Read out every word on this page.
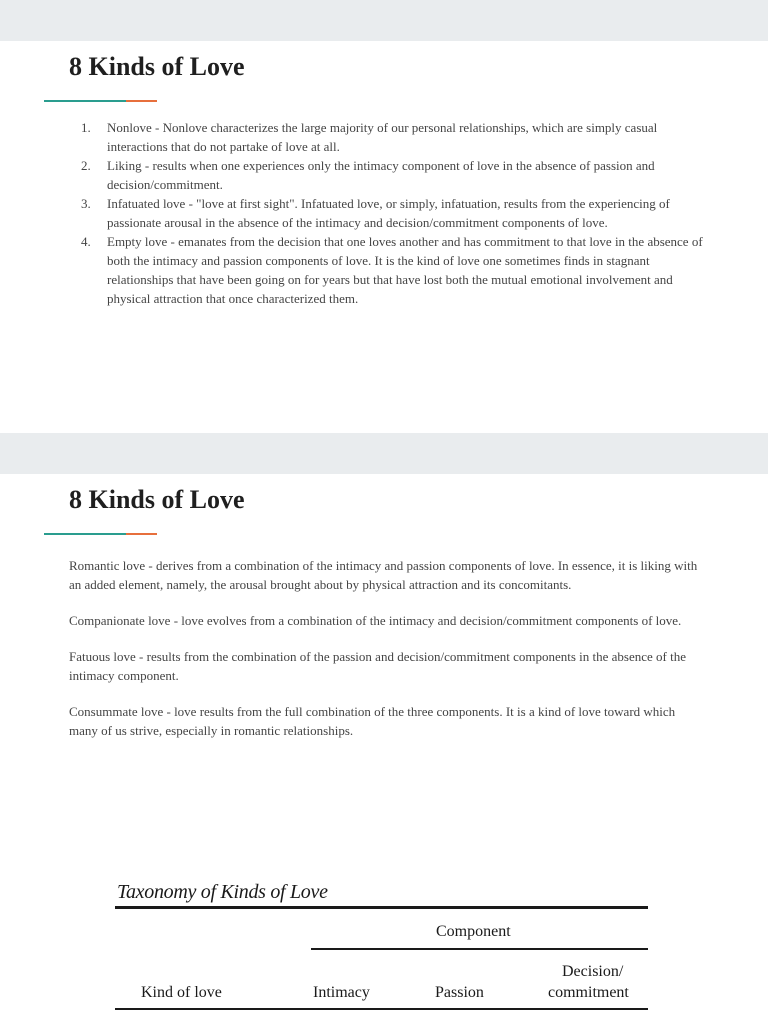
8 Kinds of Love
1. Nonlove - Nonlove characterizes the large majority of our personal relationships, which are simply casual interactions that do not partake of love at all.
2. Liking - results when one experiences only the intimacy component of love in the absence of passion and decision/commitment.
3. Infatuated love - "love at first sight". Infatuated love, or simply, infatuation, results from the experiencing of passionate arousal in the absence of the intimacy and decision/commitment components of love.
4. Empty love - emanates from the decision that one loves another and has commitment to that love in the absence of both the intimacy and passion components of love. It is the kind of love one sometimes finds in stagnant relationships that have been going on for years but that have lost both the mutual emotional involvement and physical attraction that once characterized them.
8 Kinds of Love

Romantic love - derives from a combination of the intimacy and passion components of love. In essence, it is liking with an added element, namely, the arousal brought about by physical attraction and its concomitants.

Companionate love - love evolves from a combination of the intimacy and decision/commitment components of love.

Fatuous love - results from the combination of the passion and decision/commitment components in the absence of the intimacy component.

Consummate love - love results from the full combination of the three components. It is a kind of love toward which many of us strive, especially in romantic relationships.

Taxonomy of Kinds of Love
Component
Kind of love	Intimacy	Passion
Decision/
commitment
